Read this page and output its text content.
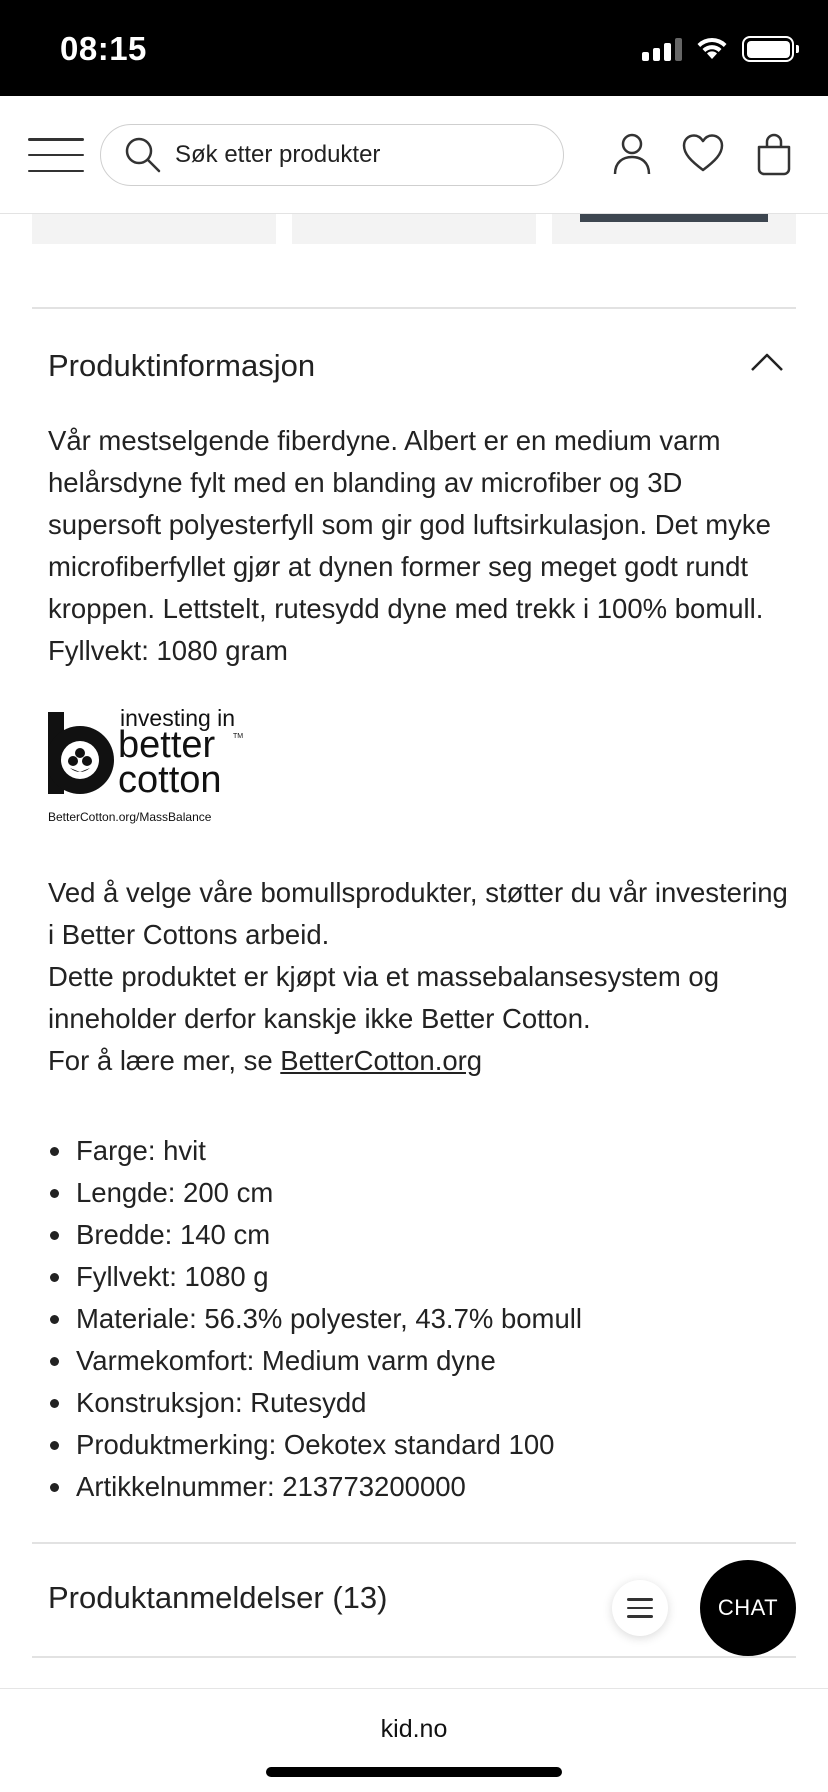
08:15
Søk etter produkter
Produktinformasjon

Vår mestselgende fiberdyne. Albert er en medium varm helårsdyne fylt med en blanding av microfiber og 3D supersoft polyesterfyll som gir god luftsirkulasjon. Det myke microfiberfyllet gjør at dynen former seg meget godt rundt kroppen. Lettstelt, rutesydd dyne med trekk i 100% bomull. Fyllvekt: 1080 gram

investing in
TM
better
cotton
BetterCotton.org/MassBalance
Ved å velge våre bomullsprodukter, støtter du vår investering i Better Cottons arbeid.
Dette produktet er kjøpt via et massebalansesystem og inneholder derfor kanskje ikke Better Cotton.
For å lære mer, se BetterCotton.org
Farge: hvit
Lengde: 200 cm
Bredde: 140 cm
Fyllvekt: 1080 g
Materiale: 56.3% polyester, 43.7% bomull
Varmekomfort: Medium varm dyne
Konstruksjon: Rutesydd
Produktmerking: Oekotex standard 100
Artikkelnummer: 213773200000
Produktanmeldelser (13)	CHAT
kid.no
